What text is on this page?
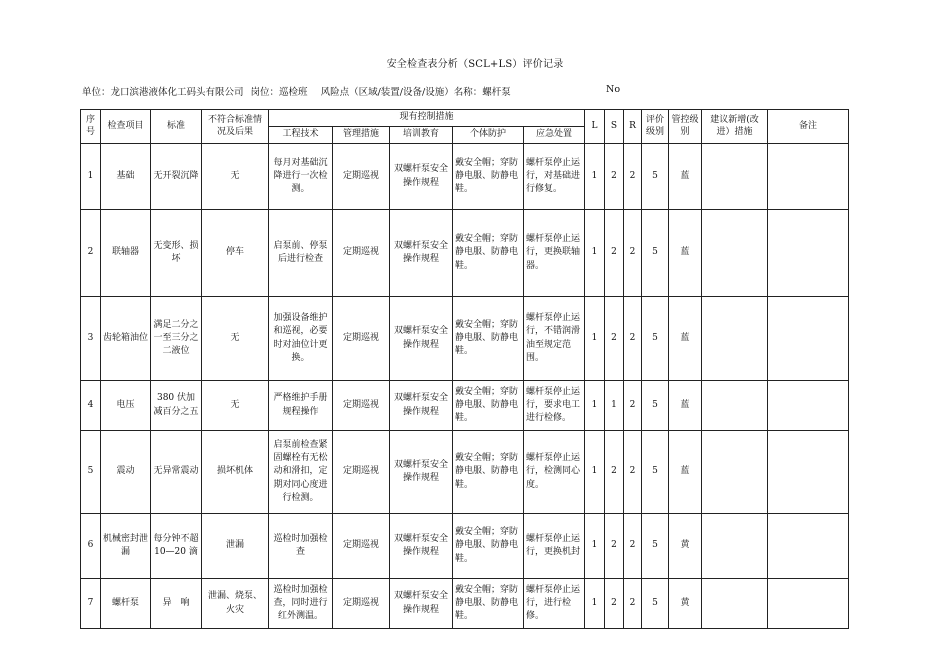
安全检查表分析（SCL+LS）评价记录
单位：龙口滨港液体化工码头有限公司 岗位：巡检班 风险点（区域/装置/设备/设施）名称：螺杆泵	No
序号	检查项目	标准	不符合标准情况及后果	现有控制措施					L	S	R	评价级别	管控级别	建议新增(改进）措施	备注
				工程技术	管理措施	培训教育	个体防护	应急处置							
1	基础	无开裂沉降	无	每月对基础沉降进行一次检测。	定期巡视	双螺杆泵安全操作规程	戴安全帽；穿防静电服、防静电鞋。	螺杆泵停止运行，对基础进行修复。	1	2	2	5	蓝		
2	联轴器	无变形、损坏	停车	启泵前、停泵后进行检查	定期巡视	双螺杆泵安全操作规程	戴安全帽；穿防静电服、防静电鞋。	螺杆泵停止运行，更换联轴器。	1	2	2	5	蓝		
3	齿轮箱油位	满足二分之一至三分之二液位	无	加强设备维护和巡视，必要时对油位计更换。	定期巡视	双螺杆泵安全操作规程	戴安全帽；穿防静电服、防静电鞋。	螺杆泵停止运行，不错润滑油至规定范围。	1	2	2	5	蓝		
4	电压	380 伏加减百分之五	无	严格维护手册规程操作	定期巡视	双螺杆泵安全操作规程	戴安全帽；穿防静电服、防静电鞋。	螺杆泵停止运行，要求电工进行检修。	1	1	2	5	蓝		
5	震动	无异常震动	损坏机体	启泵前检查紧固螺栓有无松动和滑扣，定期对同心度进行检测。	定期巡视	双螺杆泵安全操作规程	戴安全帽；穿防静电服、防静电鞋。	螺杆泵停止运行，检测同心度。	1	2	2	5	蓝		
6	机械密封泄漏	每分钟不超 10—20 滴	泄漏	巡检时加强检查	定期巡视	双螺杆泵安全操作规程	戴安全帽；穿防静电服、防静电鞋。	螺杆泵停止运行，更换机封	1	2	2	5	黄		
7	螺杆泵	异　响	泄漏、烧泵、火灾	巡检时加强检查，同时进行红外测温。	定期巡视	双螺杆泵安全操作规程	戴安全帽；穿防静电服、防静电鞋。	螺杆泵停止运行，进行检修。	1	2	2	5	黄		
